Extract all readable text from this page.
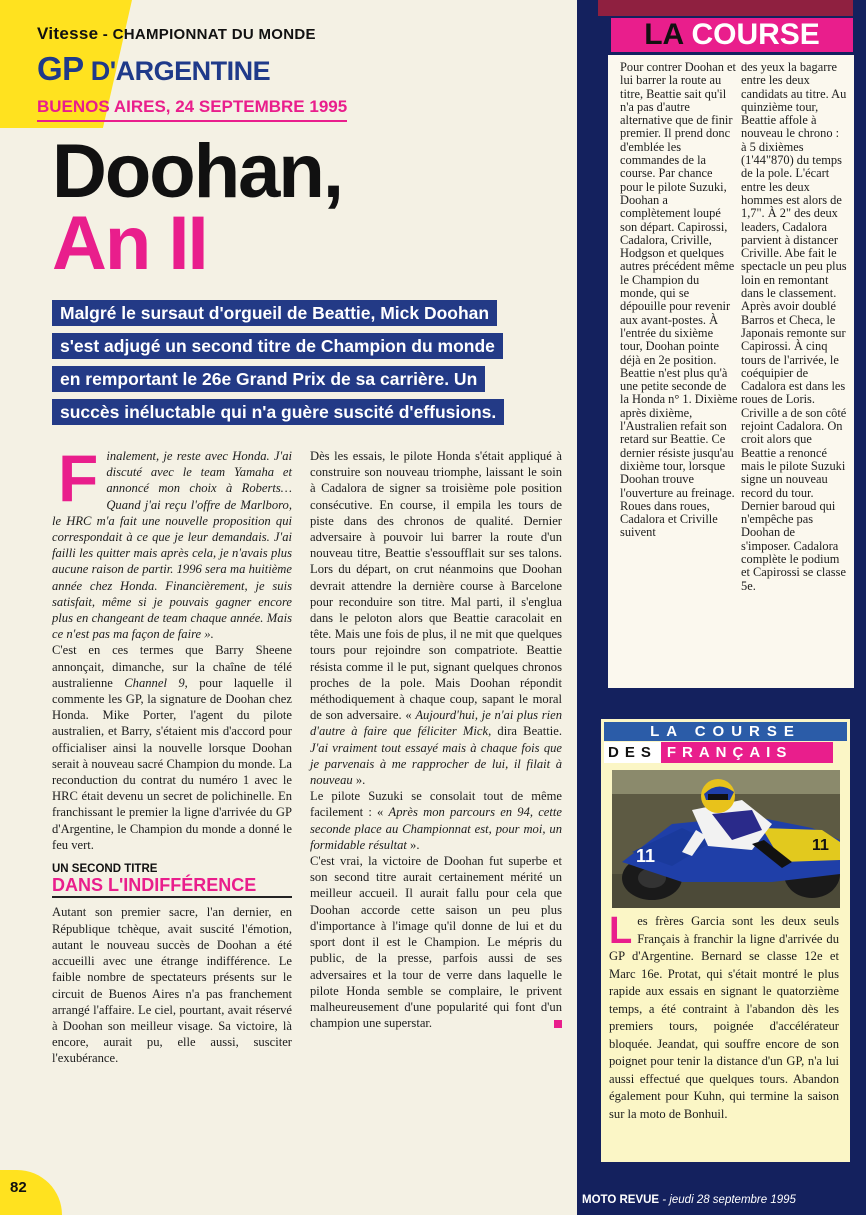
Vitesse - CHAMPIONNAT DU MONDE
GP D'ARGENTINE
BUENOS AIRES, 24 SEPTEMBRE 1995
Doohan,
An II
Malgré le sursaut d'orgueil de Beattie, Mick Doohan
s'est adjugé un second titre de Champion du monde
en remportant le 26e Grand Prix de sa carrière. Un
succès inéluctable qui n'a guère suscité d'effusions.

Finalement, je reste avec Honda. J'ai discuté avec le team Yamaha et annoncé mon choix à Roberts… Quand j'ai reçu l'offre de Marlboro, le HRC m'a fait une nouvelle proposition qui correspondait à ce que je leur demandais. J'ai failli les quitter mais après cela, je n'avais plus aucune raison de partir. 1996 sera ma huitième année chez Honda. Financièrement, je suis satisfait, même si je pouvais gagner encore plus en changeant de team chaque année. Mais ce n'est pas ma façon de faire ».

C'est en ces termes que Barry Sheene annonçait, dimanche, sur la chaîne de télé australienne Channel 9, pour laquelle il commente les GP, la signature de Doohan chez Honda. Mike Porter, l'agent du pilote australien, et Barry, s'étaient mis d'accord pour officialiser ainsi la nouvelle lorsque Doohan serait à nouveau sacré Champion du monde. La reconduction du contrat du numéro 1 avec le HRC était devenu un secret de polichinelle. En franchissant le premier la ligne d'arrivée du GP d'Argentine, le Champion du monde a donné le feu vert.

UN SECOND TITRE
DANS L'INDIFFÉRENCE

Autant son premier sacre, l'an dernier, en République tchèque, avait suscité l'émotion, autant le nouveau succès de Doohan a été accueilli avec une étrange indifférence. Le faible nombre de spectateurs présents sur le circuit de Buenos Aires n'a pas franchement arrangé l'affaire. Le ciel, pourtant, avait réservé à Doohan son meilleur visage. Sa victoire, là encore, aurait pu, elle aussi, susciter l'exubérance.

Dès les essais, le pilote Honda s'était appliqué à construire son nouveau triomphe, laissant le soin à Cadalora de signer sa troisième pole position consécutive. En course, il empila les tours de piste dans des chronos de qualité. Dernier adversaire à pouvoir lui barrer la route d'un nouveau titre, Beattie s'essoufflait sur ses talons. Lors du départ, on crut néanmoins que Doohan devrait attendre la dernière course à Barcelone pour reconduire son titre. Mal parti, il s'englua dans le peloton alors que Beattie caracolait en tête. Mais une fois de plus, il ne mit que quelques tours pour rejoindre son compatriote. Beattie résista comme il le put, signant quelques chronos proches de la pole. Mais Doohan répondit méthodiquement à chaque coup, sapant le moral de son adversaire. « Aujourd'hui, je n'ai plus rien d'autre à faire que féliciter Mick, dira Beattie. J'ai vraiment tout essayé mais à chaque fois que je parvenais à me rapprocher de lui, il filait à nouveau ».

Le pilote Suzuki se consolait tout de même facilement : « Après mon parcours en 94, cette seconde place au Championnat est, pour moi, un formidable résultat ».

C'est vrai, la victoire de Doohan fut superbe et son second titre aurait certainement mérité un meilleur accueil. Il aurait fallu pour cela que Doohan accorde cette saison un peu plus d'importance à l'image qu'il donne de lui et du sport dont il est le Champion. Le mépris du public, de la presse, parfois aussi de ses adversaires et la tour de verre dans laquelle le pilote Honda semble se complaire, le privent malheureusement d'une popularité qui font d'un champion une superstar.

LA COURSE

Pour contrer Doohan et lui barrer la route au titre, Beattie sait qu'il n'a pas d'autre alternative que de finir premier. Il prend donc d'emblée les commandes de la course. Par chance pour le pilote Suzuki, Doohan a complètement loupé son départ. Capirossi, Cadalora, Criville, Hodgson et quelques autres précédent même le Champion du monde, qui se dépouille pour revenir aux avant-postes. À l'entrée du sixième tour, Doohan pointe déjà en 2e position. Beattie n'est plus qu'à une petite seconde de la Honda n° 1. Dixième après dixième, l'Australien refait son retard sur Beattie. Ce dernier résiste jusqu'au dixième tour, lorsque Doohan trouve l'ouverture au freinage. Roues dans roues, Cadalora et Criville suivent

des yeux la bagarre entre les deux candidats au titre. Au quinzième tour, Beattie affole à nouveau le chrono : à 5 dixièmes (1'44"870) du temps de la pole. L'écart entre les deux hommes est alors de 1,7". À 2" des deux leaders, Cadalora parvient à distancer Criville. Abe fait le spectacle un peu plus loin en remontant dans le classement. Après avoir doublé Barros et Checa, le Japonais remonte sur Capirossi. À cinq tours de l'arrivée, le coéquipier de Cadalora est dans les roues de Loris. Criville a de son côté rejoint Cadalora. On croit alors que Beattie a renoncé mais le pilote Suzuki signe un nouveau record du tour. Dernier baroud qui n'empêche pas Doohan de s'imposer. Cadalora complète le podium et Capirossi se classe 5e.

LA COURSE
DES FRANÇAIS
11
11

Les frères Garcia sont les deux seuls Français à franchir la ligne d'arrivée du GP d'Argentine. Bernard se classe 12e et Marc 16e. Protat, qui s'était montré le plus rapide aux essais en signant le quatorzième temps, a été contraint à l'abandon dès les premiers tours, poignée d'accélérateur bloquée. Jeandat, qui souffre encore de son poignet pour tenir la distance d'un GP, n'a lui aussi effectué que quelques tours. Abandon également pour Kuhn, qui termine la saison sur la moto de Bonhuil.

82
MOTO REVUE - jeudi 28 septembre 1995
